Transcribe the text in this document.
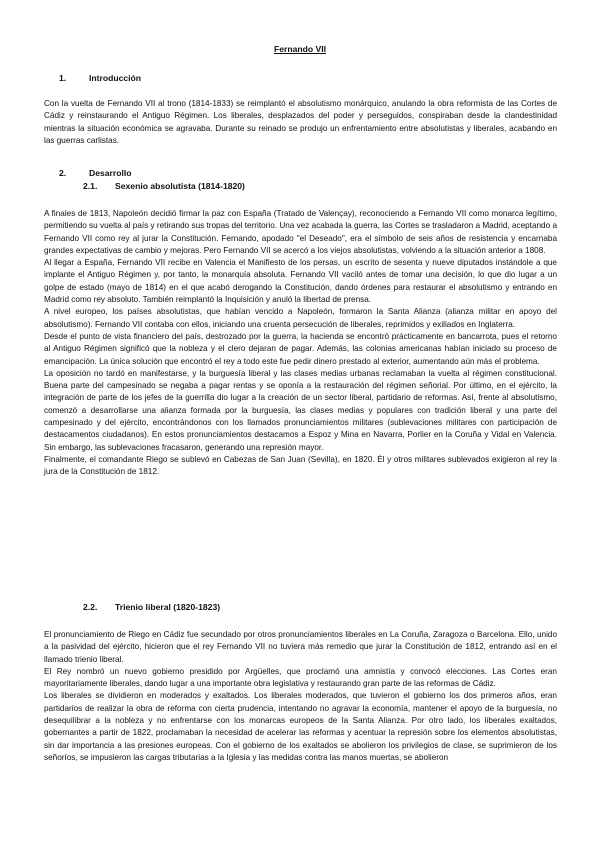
Fernando VII
1.	Introducción

Con la vuelta de Fernando VII al trono (1814-1833) se reimplantó el absolutismo monárquico, anulando la obra reformista de las Cortes de Cádiz y reinstaurando el Antiguo Régimen. Los liberales, desplazados del poder y perseguidos, conspiraban desde la clandestinidad mientras la situación económica se agravaba. Durante su reinado se produjo un enfrentamiento entre absolutistas y liberales, acabando en las guerras carlistas.

2.	Desarrollo
2.1. Sexenio absolutista (1814-1820)

A finales de 1813, Napoleón decidió firmar la paz con España (Tratado de Valençay), reconociendo a Fernando VII como monarca legítimo, permitiendo su vuelta al país y retirando sus tropas del territorio. Una vez acabada la guerra, las Cortes se trasladaron a Madrid, aceptando a Fernando VII como rey al jurar la Constitución. Fernando, apodado "el Deseado", era el símbolo de seis años de resistencia y encarnaba grandes expectativas de cambio y mejoras. Pero Fernando VII se acercó a los viejos absolutistas, volviendo a la situación anterior a 1808.

Al llegar a España, Fernando VII recibe en Valencia el Manifiesto de los persas, un escrito de sesenta y nueve diputados instándole a que implante el Antiguo Régimen y, por tanto, la monarquía absoluta. Fernando VII vaciló antes de tomar una decisión, lo que dio lugar a un golpe de estado (mayo de 1814) en el que acabó derogando la Constitución, dando órdenes para restaurar el absolutismo y entrando en Madrid como rey absoluto. También reimplantó la Inquisición y anuló la libertad de prensa.

A nivel europeo, los países absolutistas, que habían vencido a Napoleón, formaron la Santa Alianza (alianza militar en apoyo del absolutismo). Fernando VII contaba con ellos, iniciando una cruenta persecución de liberales, reprimidos y exiliados en Inglaterra.

Desde el punto de vista financiero del país, destrozado por la guerra, la hacienda se encontró prácticamente en bancarrota, pues el retorno al Antiguo Régimen significó que la nobleza y el clero dejaran de pagar. Además, las colonias americanas habían iniciado su proceso de emancipación. La única solución que encontró el rey a todo este fue pedir dinero prestado al exterior, aumentando aún más el problema.

La oposición no tardó en manifestarse, y la burguesía liberal y las clases medias urbanas reclamaban la vuelta al régimen constitucional. Buena parte del campesinado se negaba a pagar rentas y se oponía a la restauración del régimen señorial. Por último, en el ejército, la integración de parte de los jefes de la guerrilla dio lugar a la creación de un sector liberal, partidario de reformas. Así, frente al absolutismo, comenzó a desarrollarse una alianza formada por la burguesía, las clases medias y populares con tradición liberal y una parte del campesinado y del ejército, encontrándonos con los llamados pronunciamientos militares (sublevaciones militares con participación de destacamentos ciudadanos). En estos pronunciamientos destacamos a Espoz y Mina en Navarra, Porlier en la Coruña y Vidal en Valencia. Sin embargo, las sublevaciones fracasaron, generando una represión mayor.

Finalmente, el comandante Riego se sublevó en Cabezas de San Juan (Sevilla), en 1820. Él y otros militares sublevados exigieron al rey la jura de la Constitución de 1812.

2.2. Trienio liberal (1820-1823)

El pronunciamiento de Riego en Cádiz fue secundado por otros pronunciamientos liberales en La Coruña, Zaragoza o Barcelona. Ello, unido a la pasividad del ejército, hicieron que el rey Fernando VII no tuviera más remedio que jurar la Constitución de 1812, entrando así en el llamado trienio liberal.

El Rey nombró un nuevo gobierno presidido por Argüelles, que proclamó una amnistía y convocó elecciones. Las Cortes eran mayoritariamente liberales, dando lugar a una importante obra legislativa y restaurando gran parte de las reformas de Cádiz.

Los liberales se dividieron en moderados y exaltados. Los liberales moderados, que tuvieron el gobierno los dos primeros años, eran partidarios de realizar la obra de reforma con cierta prudencia, intentando no agravar la economía, mantener el apoyo de la burguesía, no desequilibrar a la nobleza y no enfrentarse con los monarcas europeos de la Santa Alianza. Por otro lado, los liberales exaltados, gobernantes a partir de 1822, proclamaban la necesidad de acelerar las reformas y acentuar la represión sobre los elementos absolutistas, sin dar importancia a las presiones europeas. Con el gobierno de los exaltados se abolieron los privilegios de clase, se suprimieron de los señoríos, se impusieron las cargas tributarias a la Iglesia y las medidas contra las manos muertas, se abolieron
